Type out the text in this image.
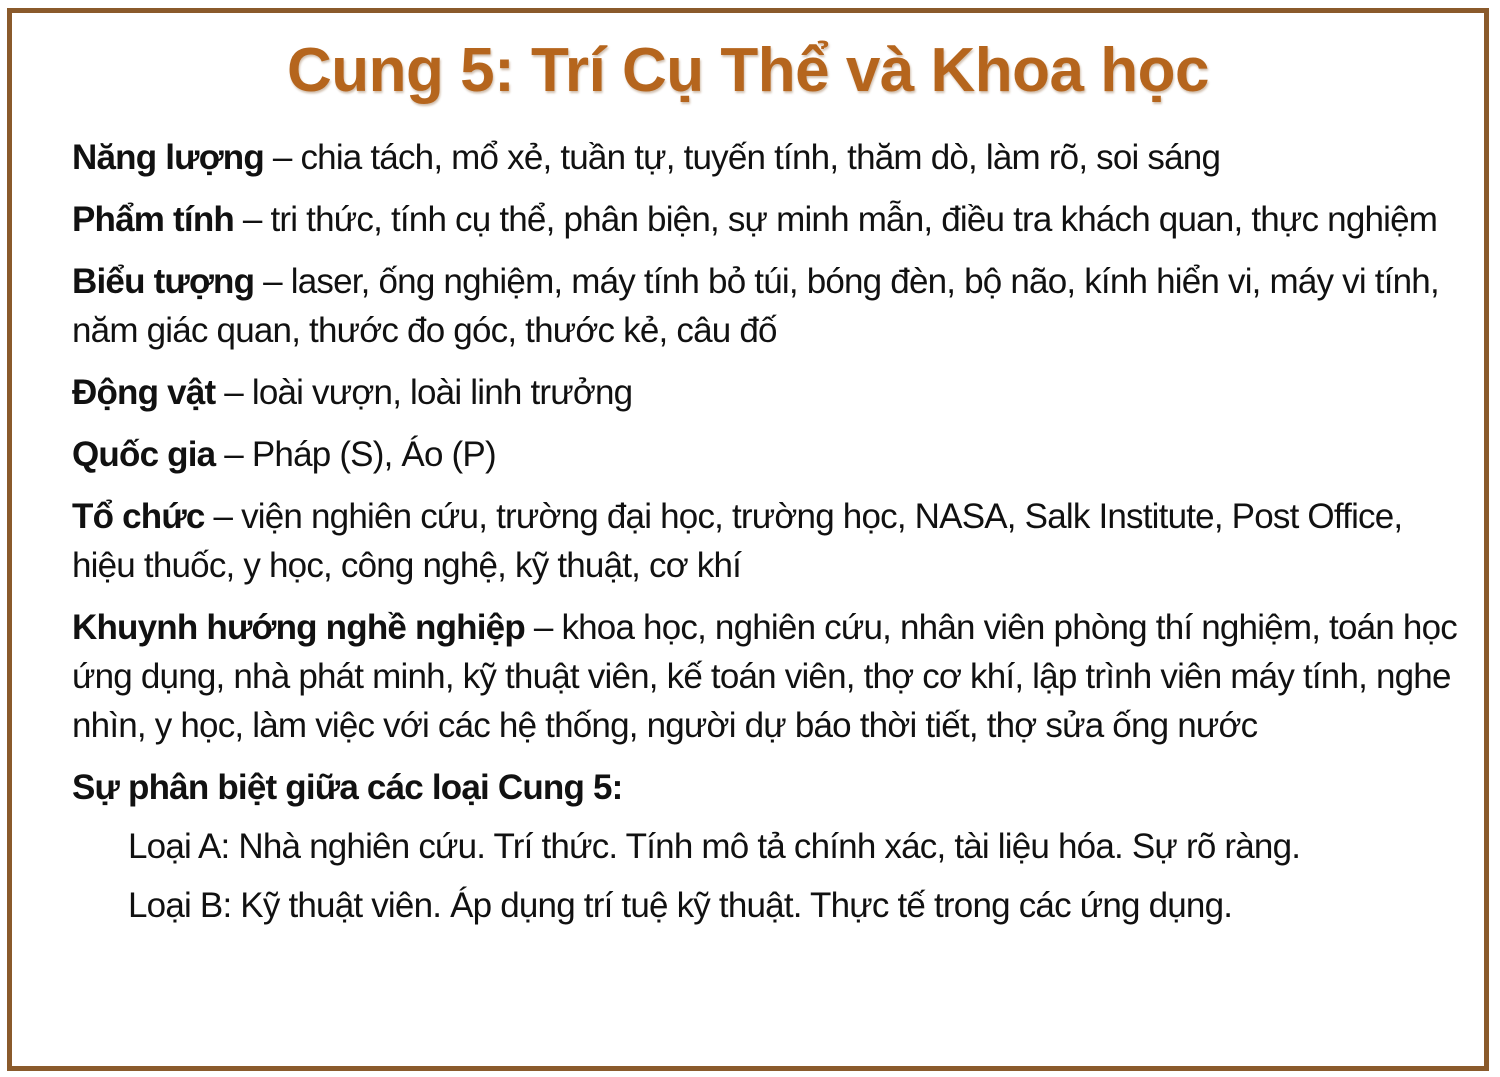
Cung 5: Trí Cụ Thể và Khoa học
Năng lượng – chia tách, mổ xẻ, tuần tự, tuyến tính, thăm dò, làm rõ, soi sáng
Phẩm tính – tri thức, tính cụ thể, phân biện, sự minh mẫn, điều tra khách quan, thực nghiệm
Biểu tượng – laser, ống nghiệm, máy tính bỏ túi, bóng đèn, bộ não, kính hiển vi, máy vi tính, năm giác quan, thước đo góc, thước kẻ, câu đố
Động vật – loài vượn, loài linh trưởng
Quốc gia – Pháp (S), Áo (P)
Tổ chức – viện nghiên cứu, trường đại học, trường học, NASA, Salk Institute, Post Office, hiệu thuốc, y học, công nghệ, kỹ thuật, cơ khí
Khuynh hướng nghề nghiệp – khoa học, nghiên cứu, nhân viên phòng thí nghiệm, toán học ứng dụng, nhà phát minh, kỹ thuật viên, kế toán viên, thợ cơ khí, lập trình viên máy tính, nghe nhìn, y học, làm việc với các hệ thống, người dự báo thời tiết, thợ sửa ống nước
Sự phân biệt giữa các loại Cung 5:
Loại A: Nhà nghiên cứu. Trí thức. Tính mô tả chính xác, tài liệu hóa. Sự rõ ràng.
Loại B: Kỹ thuật viên. Áp dụng trí tuệ kỹ thuật. Thực tế trong các ứng dụng.
